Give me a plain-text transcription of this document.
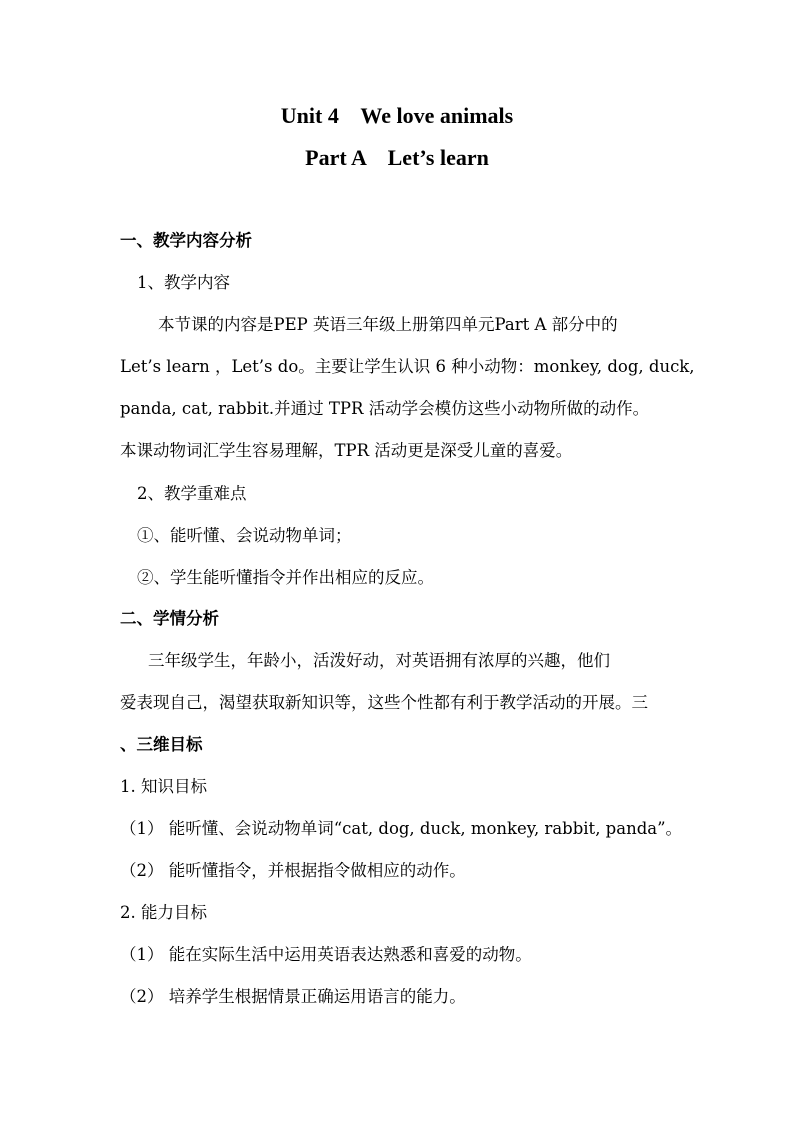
Unit 4    We love animals
Part A    Let’s learn
一、教学内容分析
1、教学内容
本节课的内容是PEP 英语三年级上册第四单元Part A 部分中的
Let’s learn ，Let’s do。主要让学生认识 6 种小动物：monkey, dog, duck,
panda, cat, rabbit.并通过 TPR 活动学会模仿这些小动物所做的动作。
本课动物词汇学生容易理解，TPR 活动更是深受儿童的喜爱。
2、教学重难点
①、能听懂、会说动物单词；
②、学生能听懂指令并作出相应的反应。
二、学情分析
三年级学生，年龄小，活泼好动，对英语拥有浓厚的兴趣，他们
爱表现自己，渴望获取新知识等，这些个性都有利于教学活动的开展。三
、三维目标
1. 知识目标
（1） 能听懂、会说动物单词“cat, dog, duck, monkey, rabbit, panda”。
（2） 能听懂指令，并根据指令做相应的动作。
2. 能力目标
（1） 能在实际生活中运用英语表达熟悉和喜爱的动物。
（2） 培养学生根据情景正确运用语言的能力。
